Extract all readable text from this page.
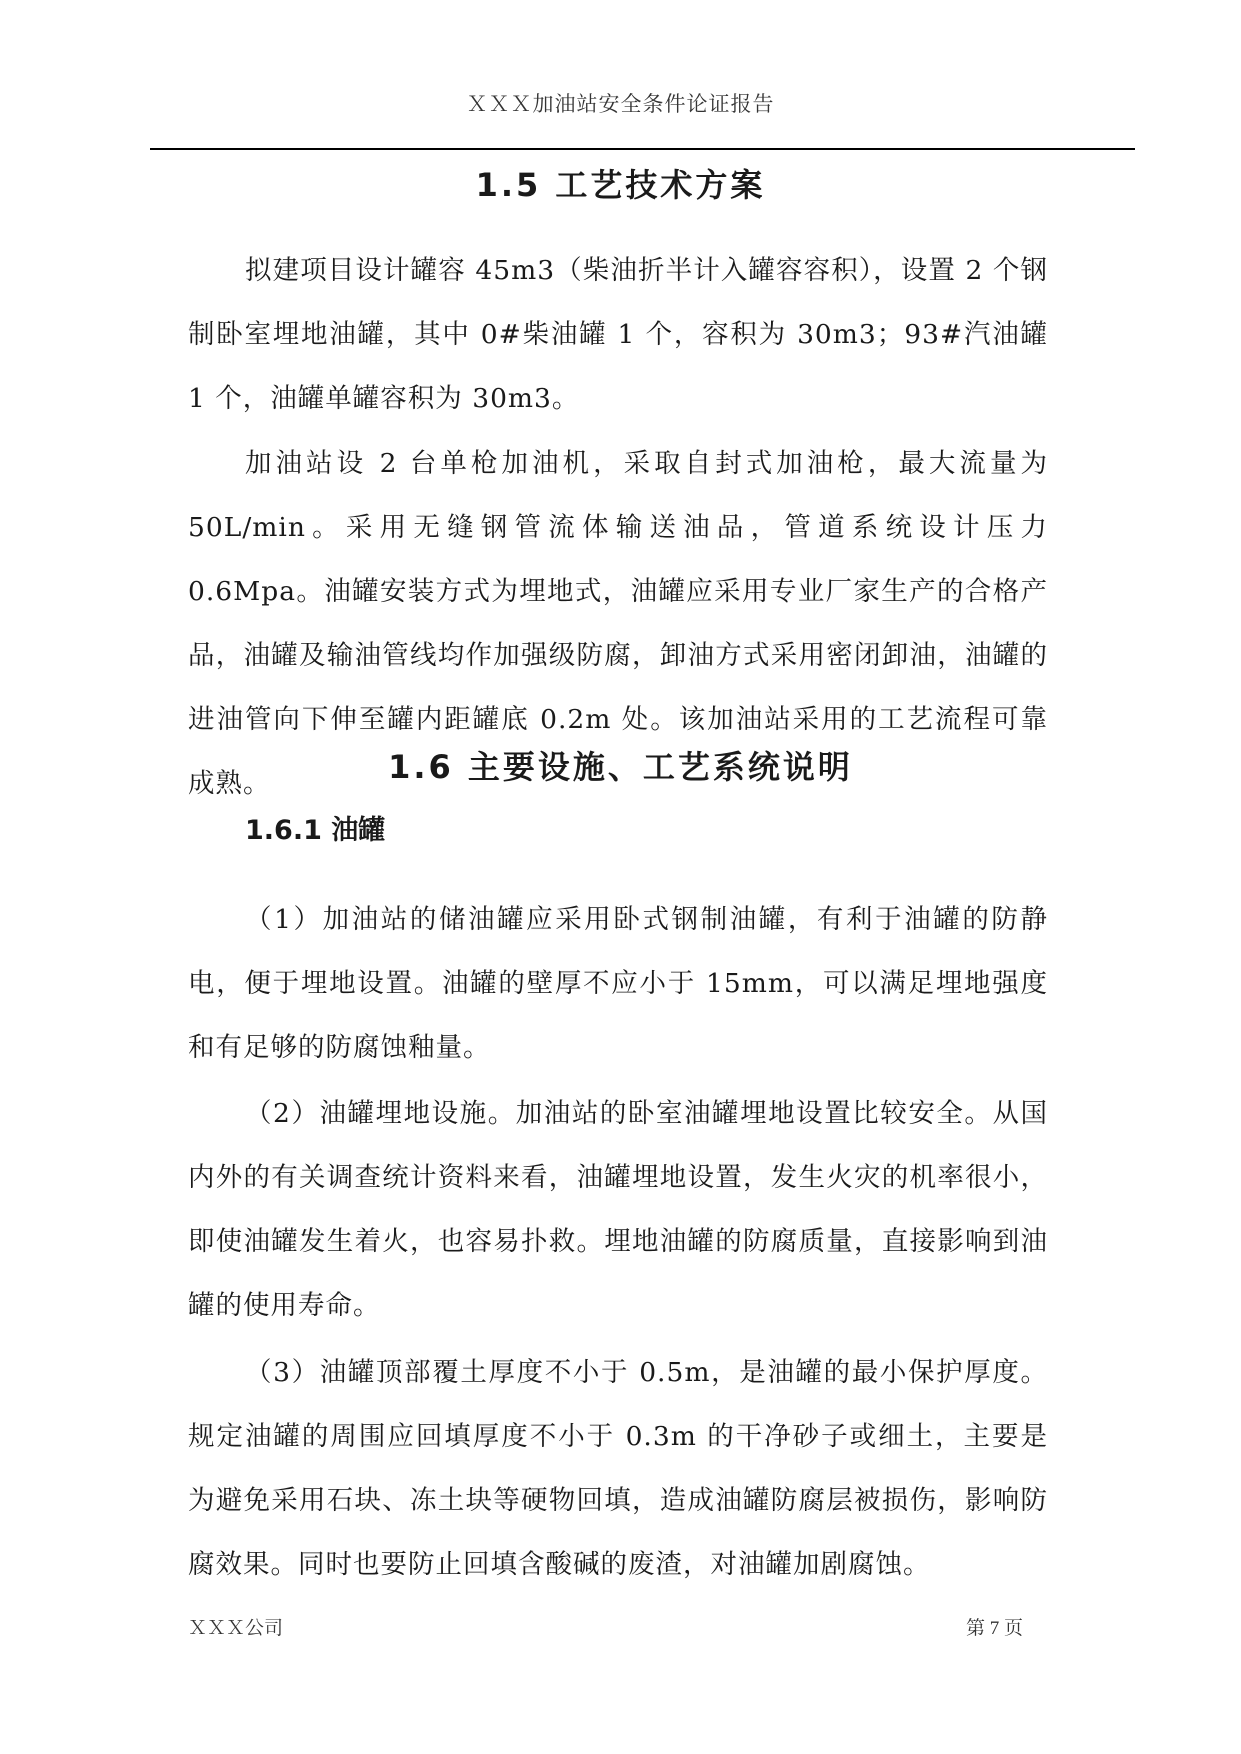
ＸＸＸ加油站安全条件论证报告
1.5 工艺技术方案

拟建项目设计罐容 45m3（柴油折半计入罐容容积），设置 2 个钢制卧室埋地油罐，其中 0#柴油罐 1 个，容积为 30m3；93#汽油罐 1 个，油罐单罐容积为 30m3。

加油站设 2 台单枪加油机，采取自封式加油枪，最大流量为 50L/min。采用无缝钢管流体输送油品，管道系统设计压力 0.6Mpa。油罐安装方式为埋地式，油罐应采用专业厂家生产的合格产品，油罐及输油管线均作加强级防腐，卸油方式采用密闭卸油，油罐的进油管向下伸至罐内距罐底 0.2m 处。该加油站采用的工艺流程可靠成熟。	1.6 主要设施、工艺系统说明
1.6.1 油罐

（1）加油站的储油罐应采用卧式钢制油罐，有利于油罐的防静电，便于埋地设置。油罐的壁厚不应小于 15mm，可以满足埋地强度和有足够的防腐蚀釉量。

（2）油罐埋地设施。加油站的卧室油罐埋地设置比较安全。从国内外的有关调查统计资料来看，油罐埋地设置，发生火灾的机率很小，即使油罐发生着火，也容易扑救。埋地油罐的防腐质量，直接影响到油罐的使用寿命。

（3）油罐顶部覆土厚度不小于 0.5m，是油罐的最小保护厚度。规定油罐的周围应回填厚度不小于 0.3m 的干净砂子或细土，主要是为避免采用石块、冻土块等硬物回填，造成油罐防腐层被损伤，影响防腐效果。同时也要防止回填含酸碱的废渣，对油罐加剧腐蚀。

ＸＸＸ公司	第 7 页
